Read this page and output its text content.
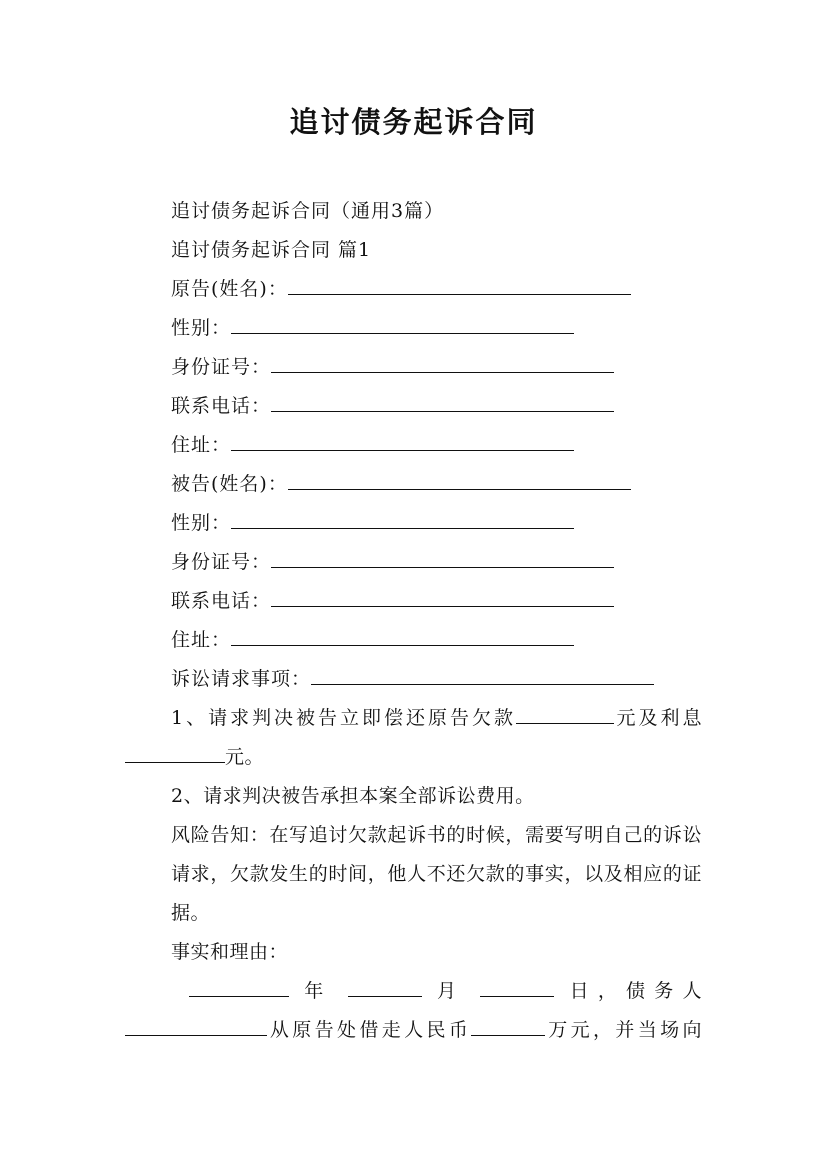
追讨债务起诉合同
追讨债务起诉合同（通用3篇）
追讨债务起诉合同 篇1
原告(姓名)：
性别：
身份证号：
联系电话：
住址：
被告(姓名)：
性别：
身份证号：
联系电话：
住址：
诉讼请求事项：

1、请求判决被告立即偿还原告欠款	元及利息

元。

2、请求判决被告承担本案全部诉讼费用。

风险告知：在写追讨欠款起诉书的时候，需要写明自己的诉讼请求，欠款发生的时间，他人不还欠款的事实，以及相应的证据。

事实和理由：

年	月	日，债务人

从原告处借走人民币	万元，并当场向
